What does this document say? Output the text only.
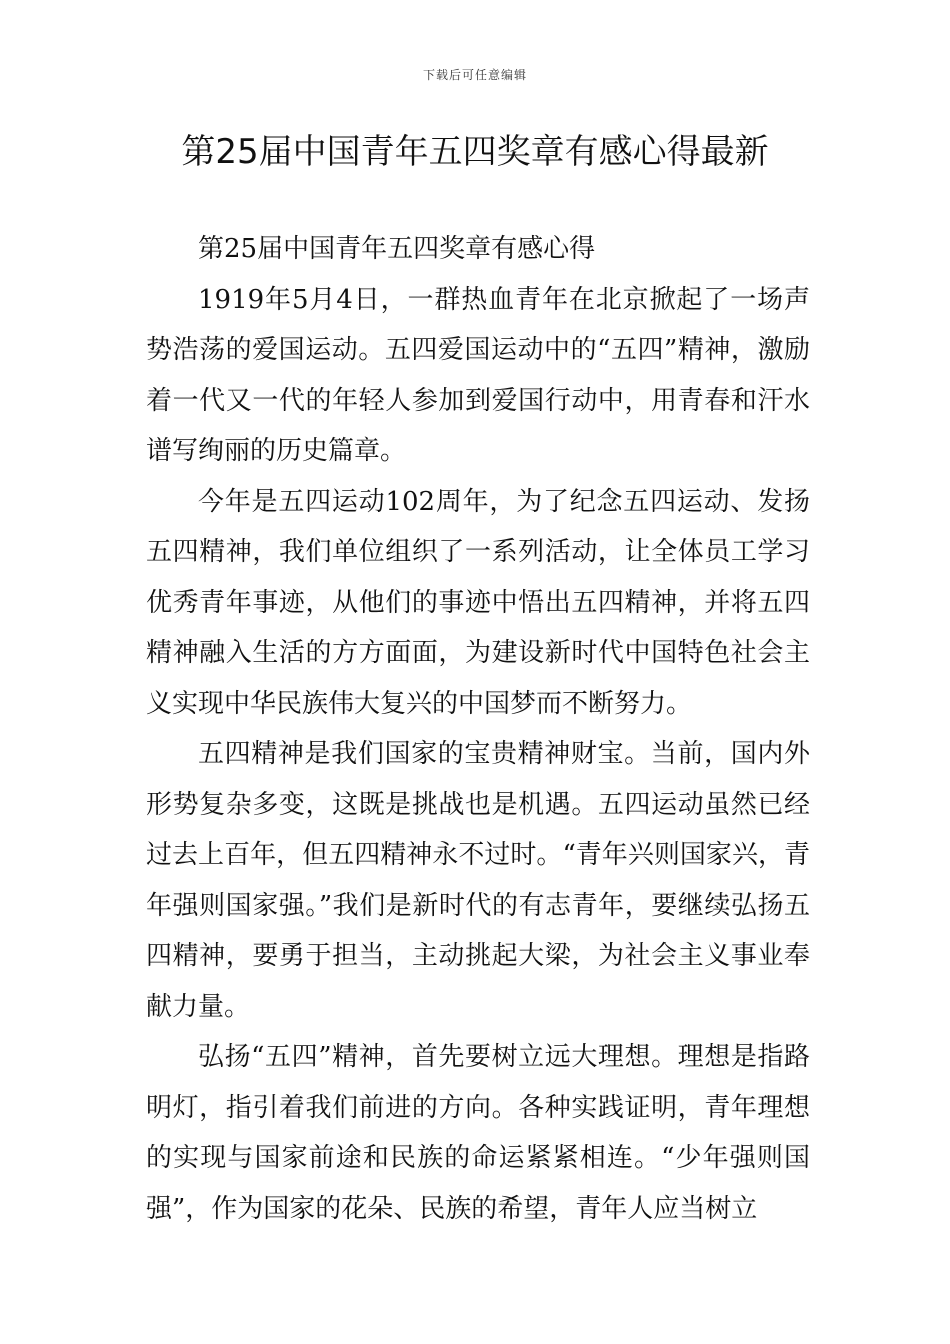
下载后可任意编辑
第25届中国青年五四奖章有感心得最新

第25届中国青年五四奖章有感心得

1919年5月4日，一群热血青年在北京掀起了一场声势浩荡的爱国运动。五四爱国运动中的“五四”精神，激励着一代又一代的年轻人参加到爱国行动中，用青春和汗水谱写绚丽的历史篇章。

今年是五四运动102周年，为了纪念五四运动、发扬五四精神，我们单位组织了一系列活动，让全体员工学习优秀青年事迹，从他们的事迹中悟出五四精神，并将五四精神融入生活的方方面面，为建设新时代中国特色社会主义实现中华民族伟大复兴的中国梦而不断努力。

五四精神是我们国家的宝贵精神财宝。当前，国内外形势复杂多变，这既是挑战也是机遇。五四运动虽然已经过去上百年，但五四精神永不过时。“青年兴则国家兴，青年强则国家强。”我们是新时代的有志青年，要继续弘扬五四精神，要勇于担当，主动挑起大梁，为社会主义事业奉献力量。

弘扬“五四”精神，首先要树立远大理想。理想是指路明灯，指引着我们前进的方向。各种实践证明，青年理想的实现与国家前途和民族的命运紧紧相连。“少年强则国强”，作为国家的花朵、民族的希望，青年人应当树立
